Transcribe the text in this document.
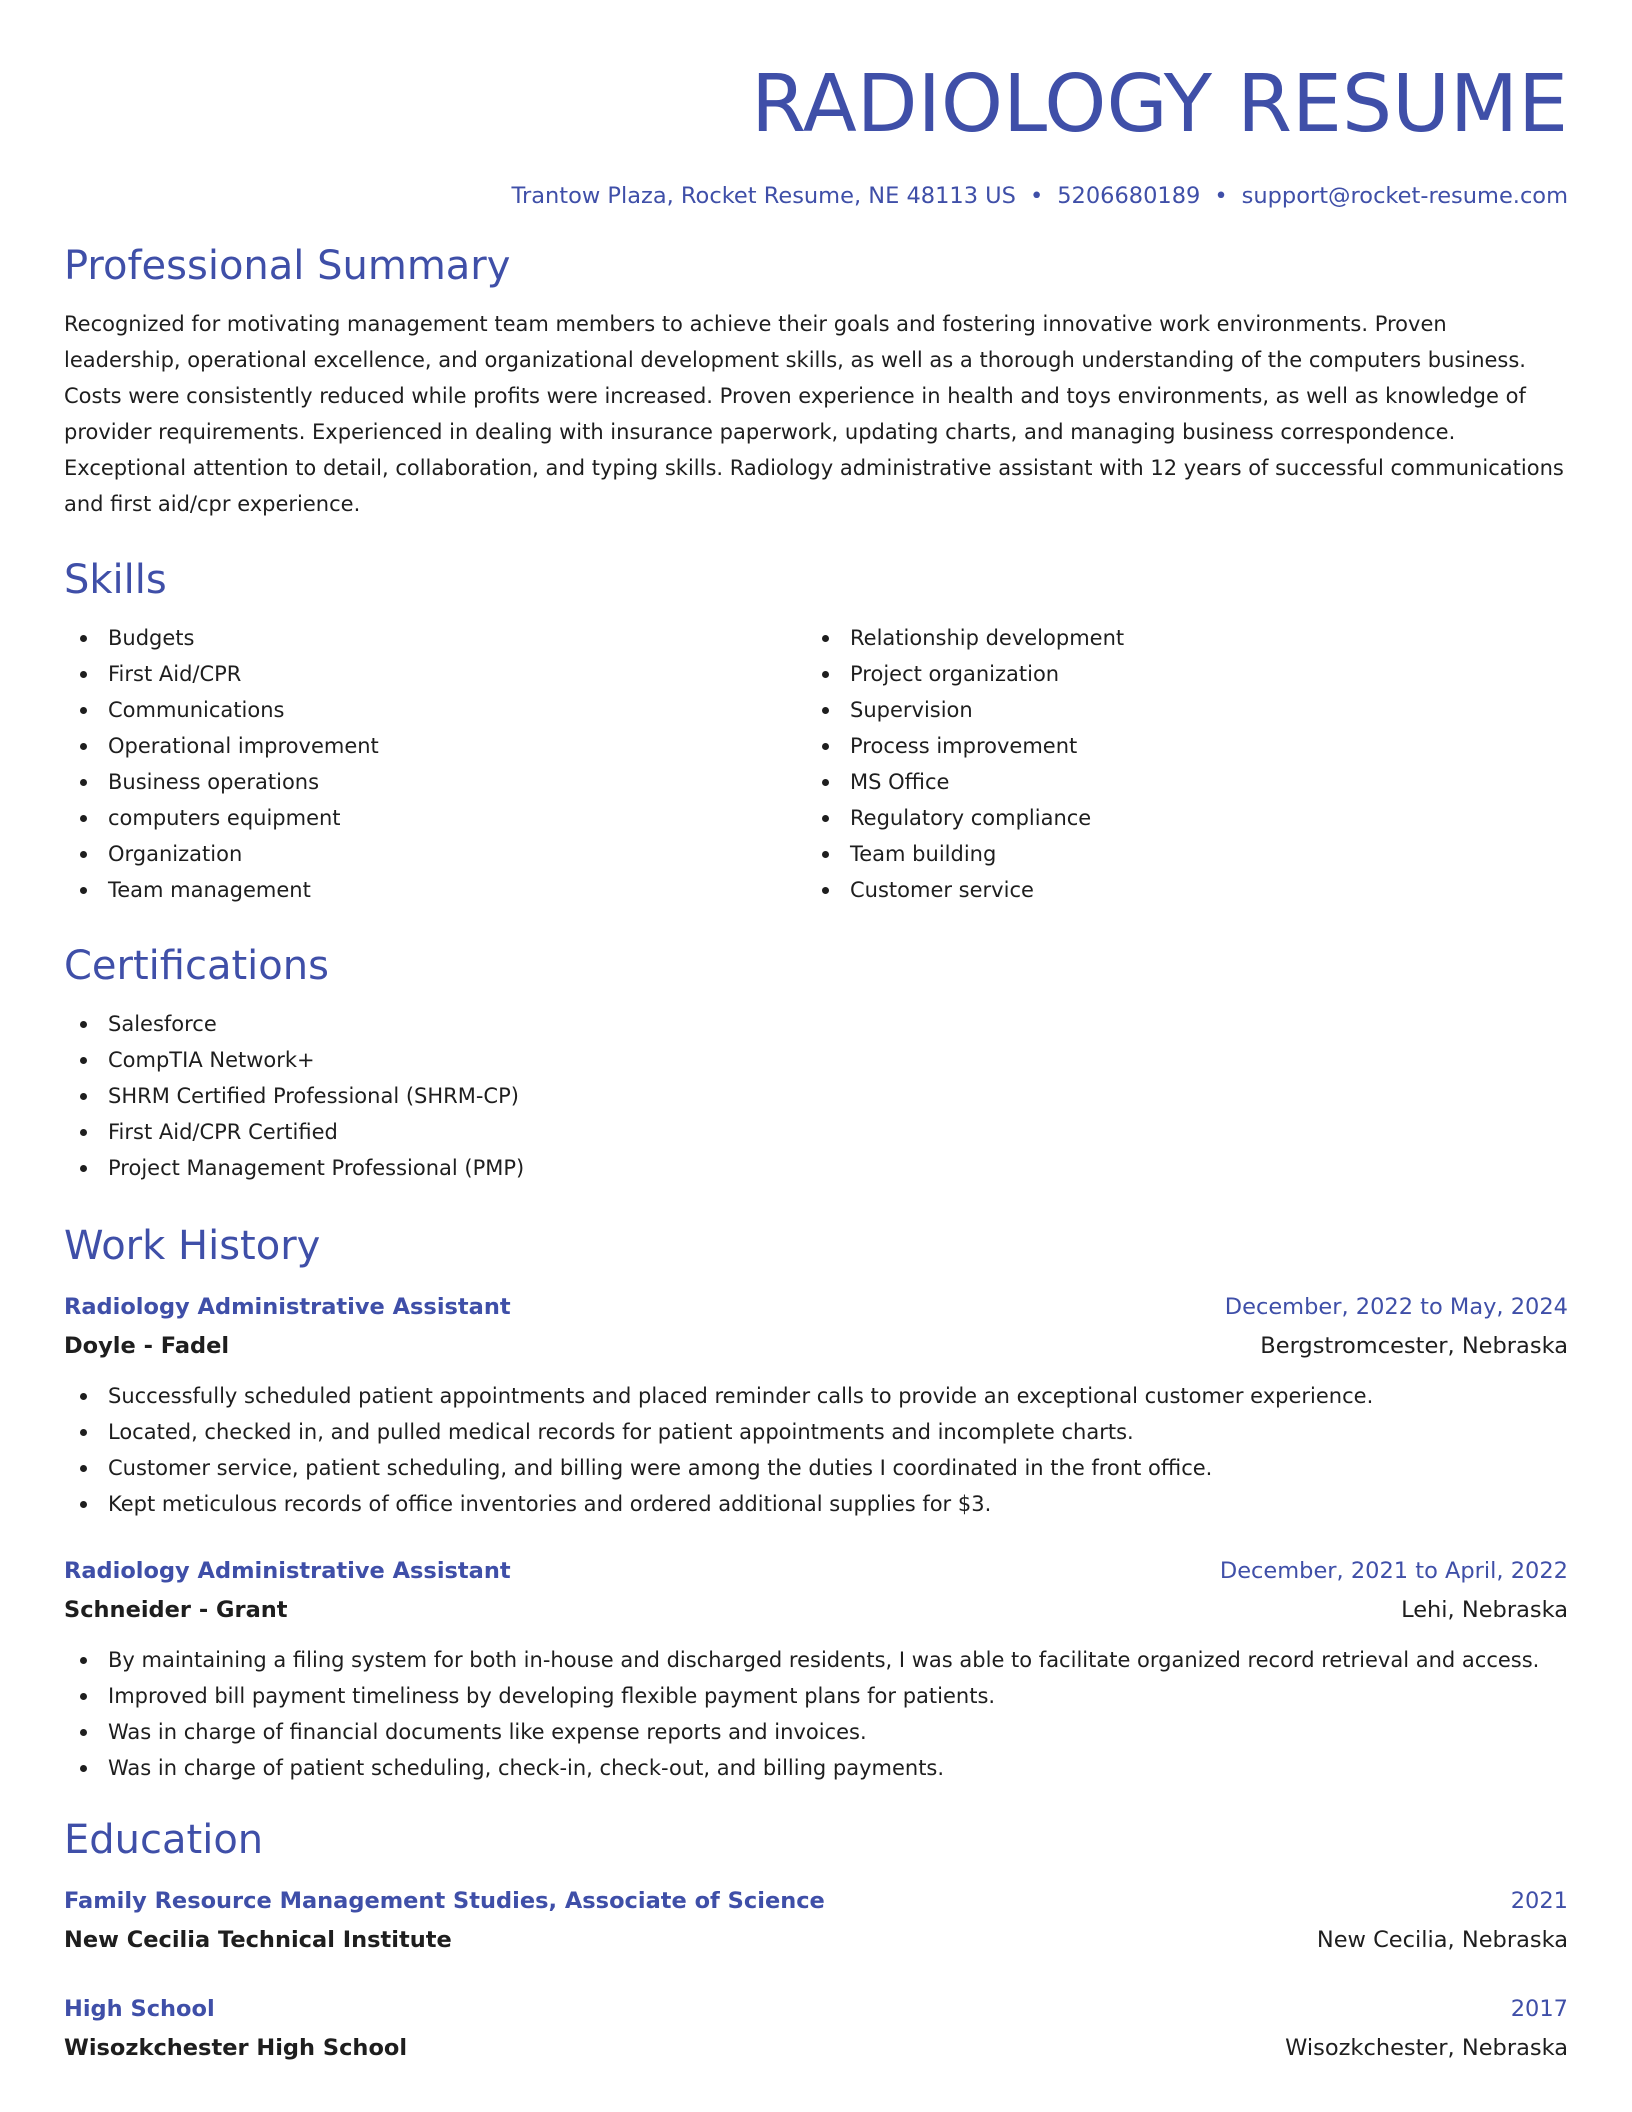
RADIOLOGY RESUME
Trantow Plaza, Rocket Resume, NE 48113 US • 5206680189 • support@rocket-resume.com
Professional Summary
Recognized for motivating management team members to achieve their goals and fostering innovative work environments. Proven leadership, operational excellence, and organizational development skills, as well as a thorough understanding of the computers business. Costs were consistently reduced while profits were increased. Proven experience in health and toys environments, as well as knowledge of provider requirements. Experienced in dealing with insurance paperwork, updating charts, and managing business correspondence. Exceptional attention to detail, collaboration, and typing skills. Radiology administrative assistant with 12 years of successful communications and first aid/cpr experience.
Skills
Budgets
First Aid/CPR
Communications
Operational improvement
Business operations
computers equipment
Organization
Team management
Relationship development
Project organization
Supervision
Process improvement
MS Office
Regulatory compliance
Team building
Customer service
Certifications
Salesforce
CompTIA Network+
SHRM Certified Professional (SHRM-CP)
First Aid/CPR Certified
Project Management Professional (PMP)
Work History
Radiology Administrative Assistant	December, 2022 to May, 2024
Doyle - Fadel	Bergstromcester, Nebraska
Successfully scheduled patient appointments and placed reminder calls to provide an exceptional customer experience.
Located, checked in, and pulled medical records for patient appointments and incomplete charts.
Customer service, patient scheduling, and billing were among the duties I coordinated in the front office.
Kept meticulous records of office inventories and ordered additional supplies for $3.
Radiology Administrative Assistant	December, 2021 to April, 2022
Schneider - Grant	Lehi, Nebraska
By maintaining a filing system for both in-house and discharged residents, I was able to facilitate organized record retrieval and access.
Improved bill payment timeliness by developing flexible payment plans for patients.
Was in charge of financial documents like expense reports and invoices.
Was in charge of patient scheduling, check-in, check-out, and billing payments.
Education
Family Resource Management Studies, Associate of Science	2021
New Cecilia Technical Institute	New Cecilia, Nebraska
High School	2017
Wisozkchester High School	Wisozkchester, Nebraska
